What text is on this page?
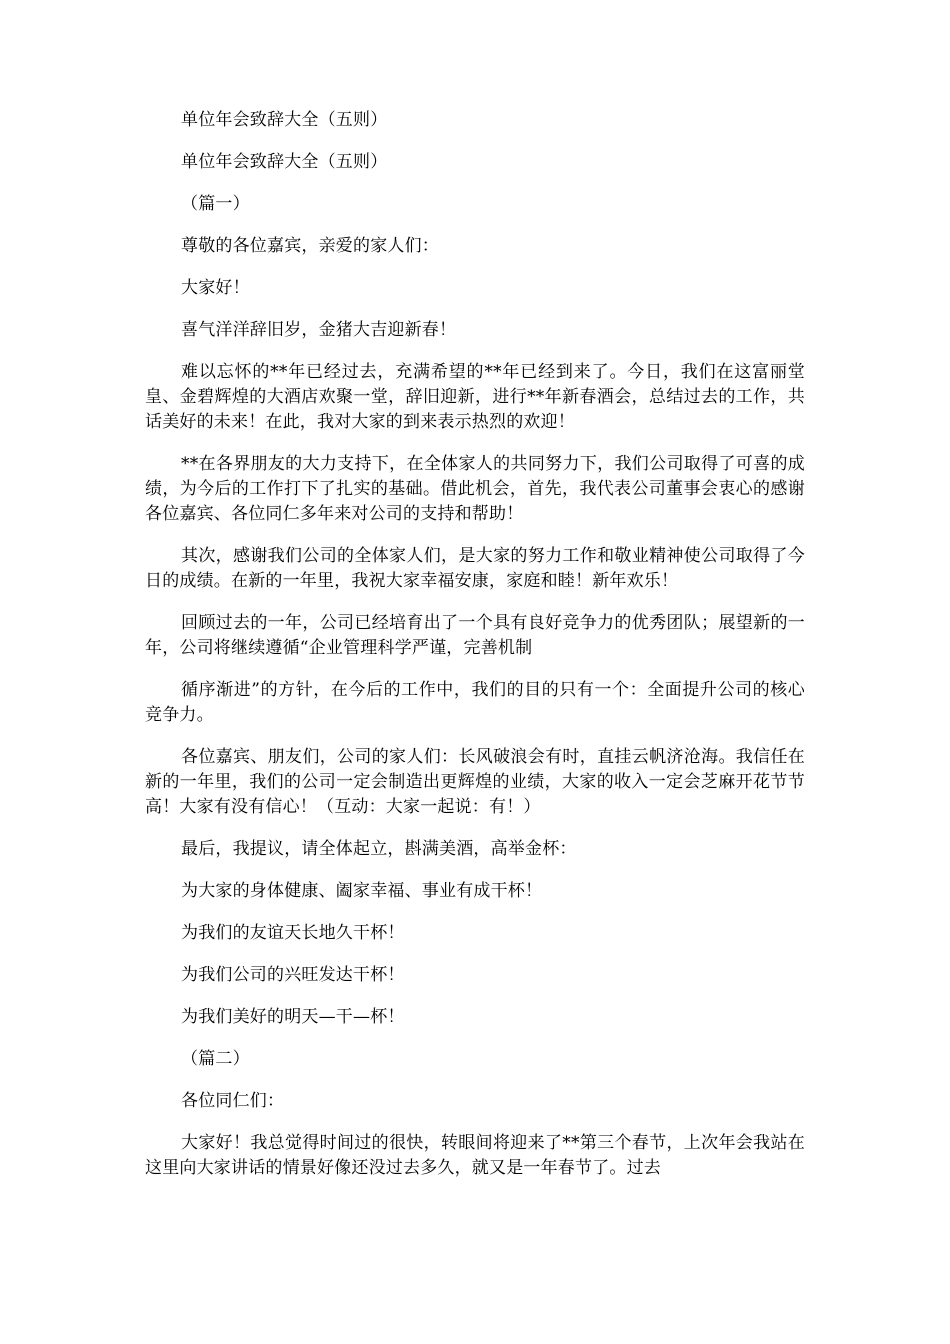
单位年会致辞大全（五则）

单位年会致辞大全（五则）

（篇一）

尊敬的各位嘉宾，亲爱的家人们：

大家好！

喜气洋洋辞旧岁，金猪大吉迎新春！

难以忘怀的**年已经过去，充满希望的**年已经到来了。今日，我们在这富丽堂皇、金碧辉煌的大酒店欢聚一堂，辞旧迎新，进行**年新春酒会，总结过去的工作，共话美好的未来！在此，我对大家的到来表示热烈的欢迎！

**在各界朋友的大力支持下，在全体家人的共同努力下，我们公司取得了可喜的成绩，为今后的工作打下了扎实的基础。借此机会，首先，我代表公司董事会衷心的感谢各位嘉宾、各位同仁多年来对公司的支持和帮助！

其次，感谢我们公司的全体家人们，是大家的努力工作和敬业精神使公司取得了今日的成绩。在新的一年里，我祝大家幸福安康，家庭和睦！新年欢乐！

回顾过去的一年，公司已经培育出了一个具有良好竞争力的优秀团队；展望新的一年，公司将继续遵循“企业管理科学严谨，完善机制

循序渐进”的方针，在今后的工作中，我们的目的只有一个：全面提升公司的核心竞争力。

各位嘉宾、朋友们，公司的家人们：长风破浪会有时，直挂云帆济沧海。我信任在新的一年里，我们的公司一定会制造出更辉煌的业绩，大家的收入一定会芝麻开花节节高！大家有没有信心！（互动：大家一起说：有！）

最后，我提议，请全体起立，斟满美酒，高举金杯：

为大家的身体健康、阖家幸福、事业有成干杯！

为我们的友谊天长地久干杯！

为我们公司的兴旺发达干杯！

为我们美好的明天—干—杯！

（篇二）

各位同仁们：

大家好！我总觉得时间过的很快，转眼间将迎来了**第三个春节，上次年会我站在这里向大家讲话的情景好像还没过去多久，就又是一年春节了。过去
